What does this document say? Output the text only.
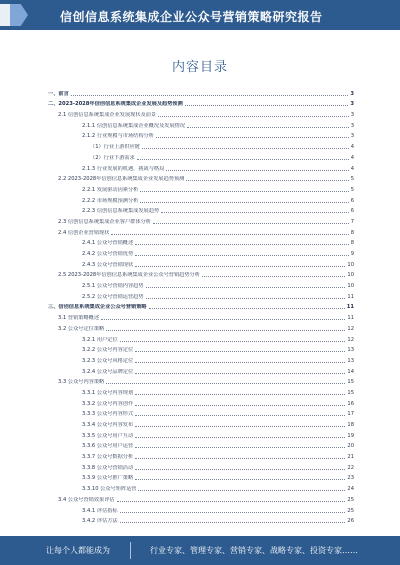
信创信息系统集成企业公众号营销策略研究报告
内容目录
一、前言	3
二、2023-2028年信创信息系统集成企业发展及趋势预测	3
2.1 信创信息系统集成企业发展现状及前景	3
2.1.1 信创信息系统集成企业概况及发展情况	3
2.1.2 行业规模与市场结构分析	3
（1）行业上游供应链	4
（2）行业下游需求	4
2.1.3 行业发展的机遇、挑战与格局	4
2.2 2023-2028年信创信息系统集成企业发展趋势预测	5
2.2.1 发展驱动因素分析	5
2.2.2 市场规模预测分析	6
2.2.3 信创信息系统集成发展趋势	6
2.3 信创信息系统集成企业客户群体分析	7
2.4 信创企业营销现状	8
2.4.1 公众号营销概述	8
2.4.2 公众号营销优势	9
2.4.3 公众号营销现状	10
2.5 2023-2028年信创信息系统集成企业公众号营销趋势分析	10
2.5.1 公众号营销内容趋势	10
2.5.2 公众号营销运营趋势	11
三、信创信息系统集成企业公众号营销策略	11
3.1 营销策略概述	11
3.2 公众号定位策略	12
3.2.1 用户定位	12
3.2.2 公众号内容定位	13
3.2.3 公众号风格定位	13
3.2.4 公众号品牌定位	14
3.3 公众号内容策略	15
3.3.1 公众号内容规划	15
3.3.2 公众号内容创作	16
3.3.3 公众号内容形式	17
3.3.4 公众号内容发布	18
3.3.5 公众号用户互动	19
3.3.6 公众号用户运营	20
3.3.7 公众号数据分析	21
3.3.8 公众号营销活动	22
3.3.9 公众号推广策略	23
3.3.10 公众号矩阵运营	24
3.4 公众号营销效果评估	25
3.4.1 评估指标	25
3.4.2 评估方法	26
让每个人都能成为	行业专家、管理专家、营销专家、战略专家、投资专家……
